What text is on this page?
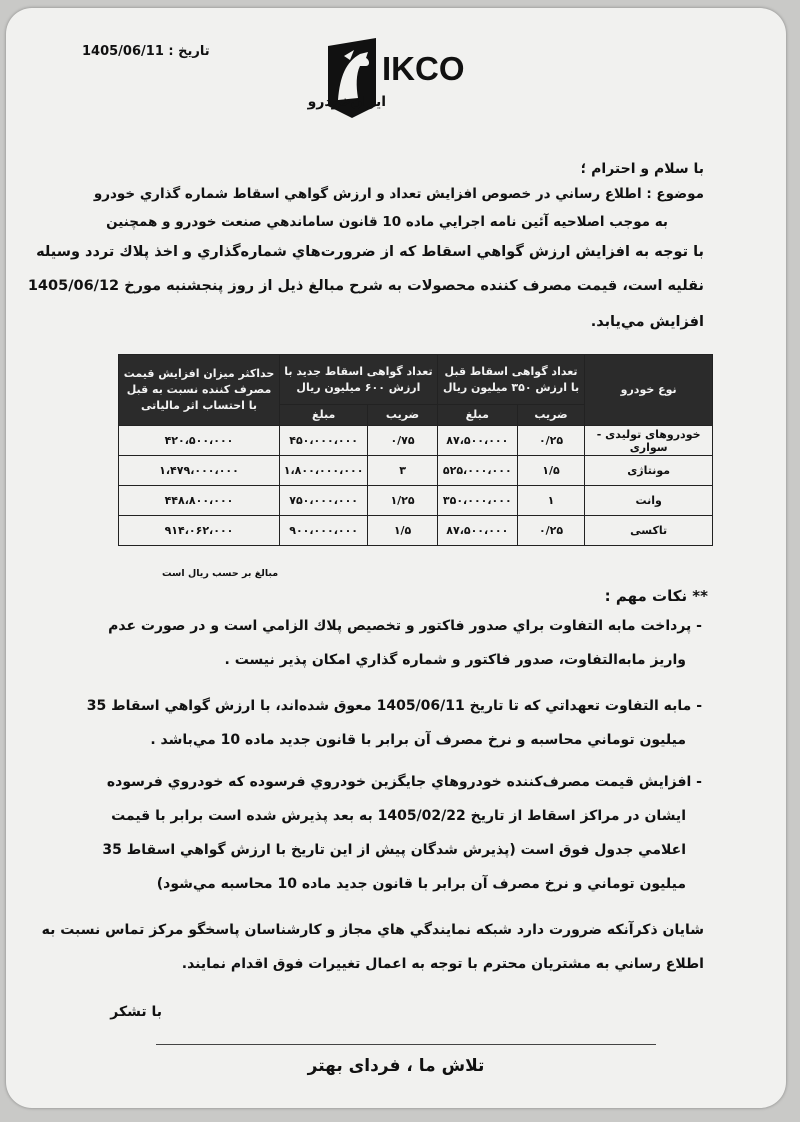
تاريخ : 1405/06/11	IKCO
ایران‌خودرو
با سلام و احترام ؛
موضوع : اطلاع رساني در خصوص افزايش تعداد و ارزش گواهي اسقاط شماره گذاري خودرو
به موجب اصلاحيه آئين نامه اجرايي ماده 10 قانون ساماندهي صنعت خودرو و همچنين
با توجه به افزايش ارزش گواهي اسقاط كه از ضرورت‌هاي شماره‌گذاري و اخذ پلاك تردد وسيله
نقليه است، قيمت مصرف كننده محصولات به شرح مبالغ ذيل از روز پنجشنبه مورخ 1405/06/12
افزايش مي‌يابد.
نوع خودرو	تعداد گواهی اسقاط قبل با ارزش ۳۵۰ میلیون ریال		تعداد گواهی اسقاط جدید با ارزش ۶۰۰ میلیون ریال		حداکثر میزان افزایش قیمت مصرف کننده نسبت به قبل با احتساب اثر مالیاتی
	ضریب	مبلغ	ضریب	مبلغ	
خودروهای تولیدی - سواری	۰/۲۵	۸۷،۵۰۰،۰۰۰	۰/۷۵	۴۵۰،۰۰۰،۰۰۰	۴۲۰،۵۰۰،۰۰۰
مونتاژی	۱/۵	۵۲۵،۰۰۰،۰۰۰	۳	۱،۸۰۰،۰۰۰،۰۰۰	۱،۴۷۹،۰۰۰،۰۰۰
وانت	۱	۳۵۰،۰۰۰،۰۰۰	۱/۲۵	۷۵۰،۰۰۰،۰۰۰	۴۴۸،۸۰۰،۰۰۰
تاکسی	۰/۲۵	۸۷،۵۰۰،۰۰۰	۱/۵	۹۰۰،۰۰۰،۰۰۰	۹۱۴،۰۶۲،۰۰۰
مبالغ بر حسب ريال است
** نكات مهم :
- پرداخت مابه التفاوت براي صدور فاكتور و تخصيص پلاك الزامي است و در صورت عدم
واريز مابه‌التفاوت، صدور فاكتور و شماره گذاري امكان پذير نيست .
- مابه التفاوت تعهداتي كه تا تاريخ 1405/06/11 معوق شده‌اند، با ارزش گواهي اسقاط 35
ميليون توماني محاسبه و نرخ مصرف آن برابر با قانون جديد ماده 10 مي‌باشد .
- افزايش قيمت مصرف‌كننده خودروهاي جايگزين خودروي فرسوده كه خودروي فرسوده
ايشان در مراكز اسقاط از تاريخ 1405/02/22 به بعد پذيرش شده است برابر با قيمت
اعلامي جدول فوق است (پذيرش شدگان پيش از اين تاريخ با ارزش گواهي اسقاط 35
ميليون توماني و نرخ مصرف آن برابر با قانون جديد ماده 10 محاسبه مي‌شود)
شايان ذكرآنكه ضرورت دارد شبكه نمايندگي هاي مجاز و كارشناسان پاسخگو مركز تماس نسبت به
اطلاع رساني به مشتريان محترم با توجه به اعمال تغييرات فوق اقدام نمايند.
با تشكر
تلاش ما ، فردای بهتر
